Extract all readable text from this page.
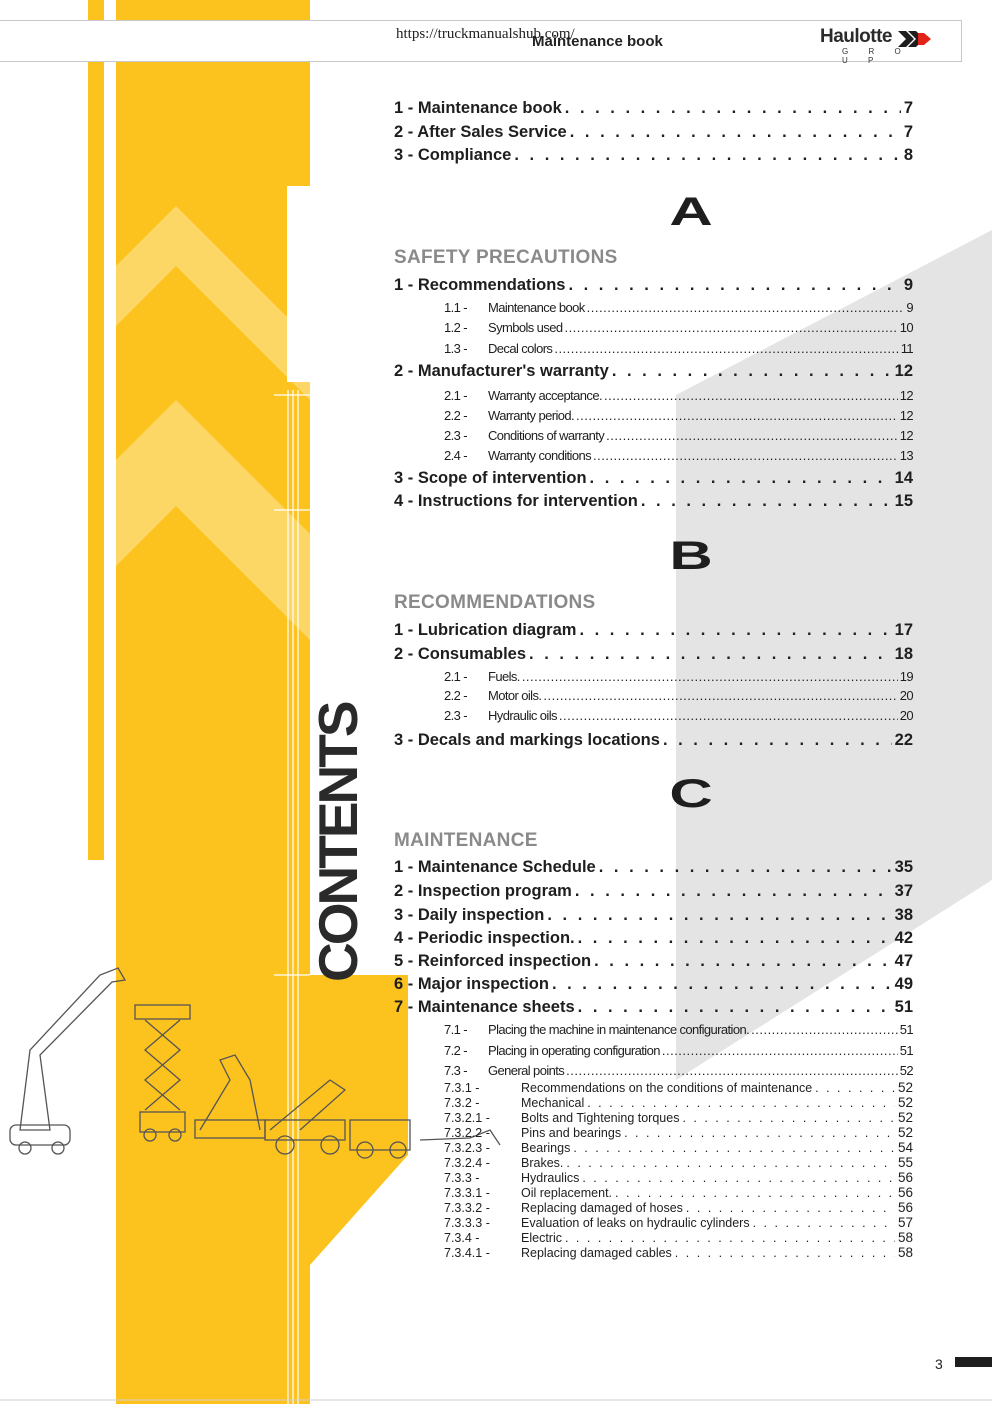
https://truckmanualshub.com/
Maintenance book	Haulotte
G R O U P
CONTENTS
1 - Maintenance book . . .	7
2 - After Sales Service . . .	7
3 - Compliance . . .	8
A
SAFETY PRECAUTIONS
1 - Recommendations . . .	9
1.1 -	Maintenance book .....	9
1.2 -	Symbols used .....	10
1.3 -	Decal colors .....	11
2 - Manufacturer's warranty . . .	12
2.1 -	Warranty acceptance. .....	12
2.2 -	Warranty period. .....	12
2.3 -	Conditions of warranty .....	12
2.4 -	Warranty conditions .....	13
3 - Scope of intervention . . .	14
4 - Instructions for intervention . . .	15
B
RECOMMENDATIONS
1 - Lubrication diagram . . .	17
2 - Consumables . . .	18
2.1 -	Fuels. .....	19
2.2 -	Motor oils. .....	20
2.3 -	Hydraulic oils .....	20
3 - Decals and markings locations . . .	22
C
MAINTENANCE
1 - Maintenance Schedule . . .	35
2 - Inspection program . . .	37
3 - Daily inspection . . .	38
4 - Periodic inspection. . . .	42
5 - Reinforced inspection . . .	47
6 - Major inspection . . .	49
7 - Maintenance sheets . . .	51
7.1 -	Placing the machine in maintenance configuration. .....	51
7.2 -	Placing in operating configuration .....	51
7.3 -	General points .....	52
7.3.1 -	Recommendations on the conditions of maintenance . . .	52
7.3.2 -	Mechanical . . .	52
7.3.2.1 -	Bolts and Tightening torques . . .	52
7.3.2.2 -	Pins and bearings . . .	52
7.3.2.3 -	Bearings . . .	54
7.3.2.4 -	Brakes. . . .	55
7.3.3 -	Hydraulics . . .	56
7.3.3.1 -	Oil replacement. . . .	56
7.3.3.2 -	Replacing damaged of hoses . . .	56
7.3.3.3 -	Evaluation of leaks on hydraulic cylinders . . .	57
7.3.4 -	Electric . . .	58
7.3.4.1 -	Replacing damaged cables . . .	58
3
